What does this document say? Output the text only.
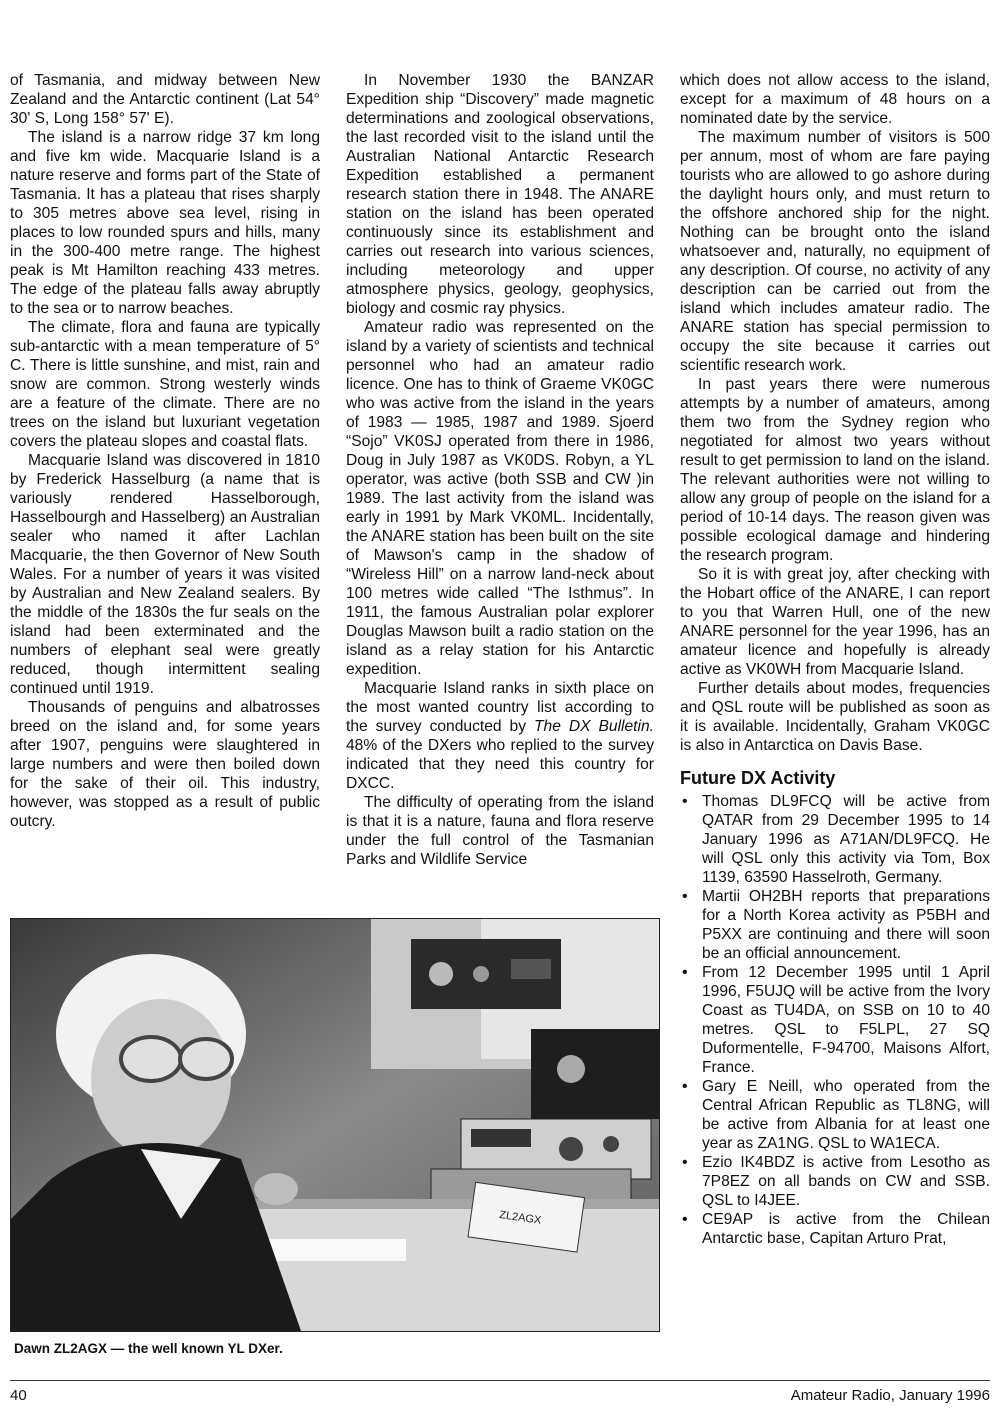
of Tasmania, and midway between New Zealand and the Antarctic continent (Lat 54° 30' S, Long 158° 57' E).

The island is a narrow ridge 37 km long and five km wide. Macquarie Island is a nature reserve and forms part of the State of Tasmania. It has a plateau that rises sharply to 305 metres above sea level, rising in places to low rounded spurs and hills, many in the 300-400 metre range. The highest peak is Mt Hamilton reaching 433 metres. The edge of the plateau falls away abruptly to the sea or to narrow beaches.

The climate, flora and fauna are typically sub-antarctic with a mean temperature of 5° C. There is little sunshine, and mist, rain and snow are common. Strong westerly winds are a feature of the climate. There are no trees on the island but luxuriant vegetation covers the plateau slopes and coastal flats.

Macquarie Island was discovered in 1810 by Frederick Hasselburg (a name that is variously rendered Hasselborough, Hasselbourgh and Hasselberg) an Australian sealer who named it after Lachlan Macquarie, the then Governor of New South Wales. For a number of years it was visited by Australian and New Zealand sealers. By the middle of the 1830s the fur seals on the island had been exterminated and the numbers of elephant seal were greatly reduced, though intermittent sealing continued until 1919.

Thousands of penguins and albatrosses breed on the island and, for some years after 1907, penguins were slaughtered in large numbers and were then boiled down for the sake of their oil. This industry, however, was stopped as a result of public outcry.

In November 1930 the BANZAR Expedition ship “Discovery” made magnetic determinations and zoological observations, the last recorded visit to the island until the Australian National Antarctic Research Expedition established a permanent research station there in 1948. The ANARE station on the island has been operated continuously since its establishment and carries out research into various sciences, including meteorology and upper atmosphere physics, geology, geophysics, biology and cosmic ray physics.

Amateur radio was represented on the island by a variety of scientists and technical personnel who had an amateur radio licence. One has to think of Graeme VK0GC who was active from the island in the years of 1983 — 1985, 1987 and 1989. Sjoerd “Sojo” VK0SJ operated from there in 1986, Doug in July 1987 as VK0DS. Robyn, a YL operator, was active (both SSB and CW )in 1989. The last activity from the island was early in 1991 by Mark VK0ML. Incidentally, the ANARE station has been built on the site of Mawson's camp in the shadow of “Wireless Hill” on a narrow land-neck about 100 metres wide called “The Isthmus”. In 1911, the famous Australian polar explorer Douglas Mawson built a radio station on the island as a relay station for his Antarctic expedition.

Macquarie Island ranks in sixth place on the most wanted country list according to the survey conducted by The DX Bulletin. 48% of the DXers who replied to the survey indicated that they need this country for DXCC.

The difficulty of operating from the island is that it is a nature, fauna and flora reserve under the full control of the Tasmanian Parks and Wildlife Service

which does not allow access to the island, except for a maximum of 48 hours on a nominated date by the service.

The maximum number of visitors is 500 per annum, most of whom are fare paying tourists who are allowed to go ashore during the daylight hours only, and must return to the offshore anchored ship for the night. Nothing can be brought onto the island whatsoever and, naturally, no equipment of any description. Of course, no activity of any description can be carried out from the island which includes amateur radio. The ANARE station has special permission to occupy the site because it carries out scientific research work.

In past years there were numerous attempts by a number of amateurs, among them two from the Sydney region who negotiated for almost two years without result to get permission to land on the island. The relevant authorities were not willing to allow any group of people on the island for a period of 10-14 days. The reason given was possible ecological damage and hindering the research program.

So it is with great joy, after checking with the Hobart office of the ANARE, I can report to you that Warren Hull, one of the new ANARE personnel for the year 1996, has an amateur licence and hopefully is already active as VK0WH from Macquarie Island.

Further details about modes, frequencies and QSL route will be published as soon as it is available. Incidentally, Graham VK0GC is also in Antarctica on Davis Base.

Future DX Activity
• Thomas DL9FCQ will be active from QATAR from 29 December 1995 to 14 January 1996 as A71AN/DL9FCQ. He will QSL only this activity via Tom, Box 1139, 63590 Hasselroth, Germany.
• Martii OH2BH reports that preparations for a North Korea activity as P5BH and P5XX are continuing and there will soon be an official announcement.
• From 12 December 1995 until 1 April 1996, F5UJQ will be active from the Ivory Coast as TU4DA, on SSB on 10 to 40 metres. QSL to F5LPL, 27 SQ Duformentelle, F-94700, Maisons Alfort, France.
• Gary E Neill, who operated from the Central African Republic as TL8NG, will be active from Albania for at least one year as ZA1NG. QSL to WA1ECA.
• Ezio IK4BDZ is active from Lesotho as 7P8EZ on all bands on CW and SSB. QSL to I4JEE.
• CE9AP is active from the Chilean Antarctic base, Capitan Arturo Prat,
ZL2AGX
Dawn ZL2AGX — the well known YL DXer.
40	Amateur Radio, January 1996
